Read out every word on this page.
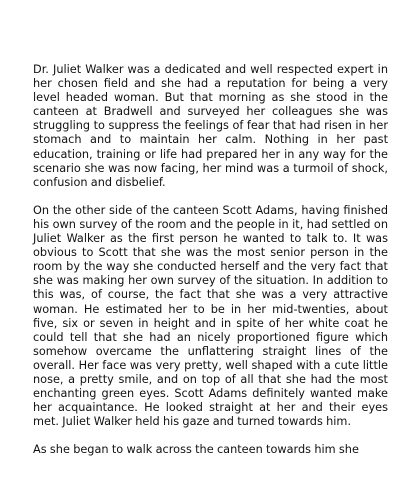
Dr. Juliet Walker was a dedicated and well respected expert in her chosen field and she had a reputation for being a very level headed woman. But that morning as she stood in the canteen at Bradwell and surveyed her colleagues she was struggling to suppress the feelings of fear that had risen in her stomach and to maintain her calm. Nothing in her past education, training or life had prepared her in any way for the scenario she was now facing, her mind was a turmoil of shock, confusion and disbelief.

On the other side of the canteen Scott Adams, having finished his own survey of the room and the people in it, had settled on Juliet Walker as the first person he wanted to talk to. It was obvious to Scott that she was the most senior person in the room by the way she conducted herself and the very fact that she was making her own survey of the situation. In addition to this was, of course, the fact that she was a very attractive woman. He estimated her to be in her mid-twenties, about five, six or seven in height and in spite of her white coat he could tell that she had an nicely proportioned figure which somehow overcame the unflattering straight lines of the overall. Her face was very pretty, well shaped with a cute little nose, a pretty smile, and on top of all that she had the most enchanting green eyes. Scott Adams definitely wanted make her acquaintance. He looked straight at her and their eyes met. Juliet Walker held his gaze and turned towards him.

As she began to walk across the canteen towards him she
